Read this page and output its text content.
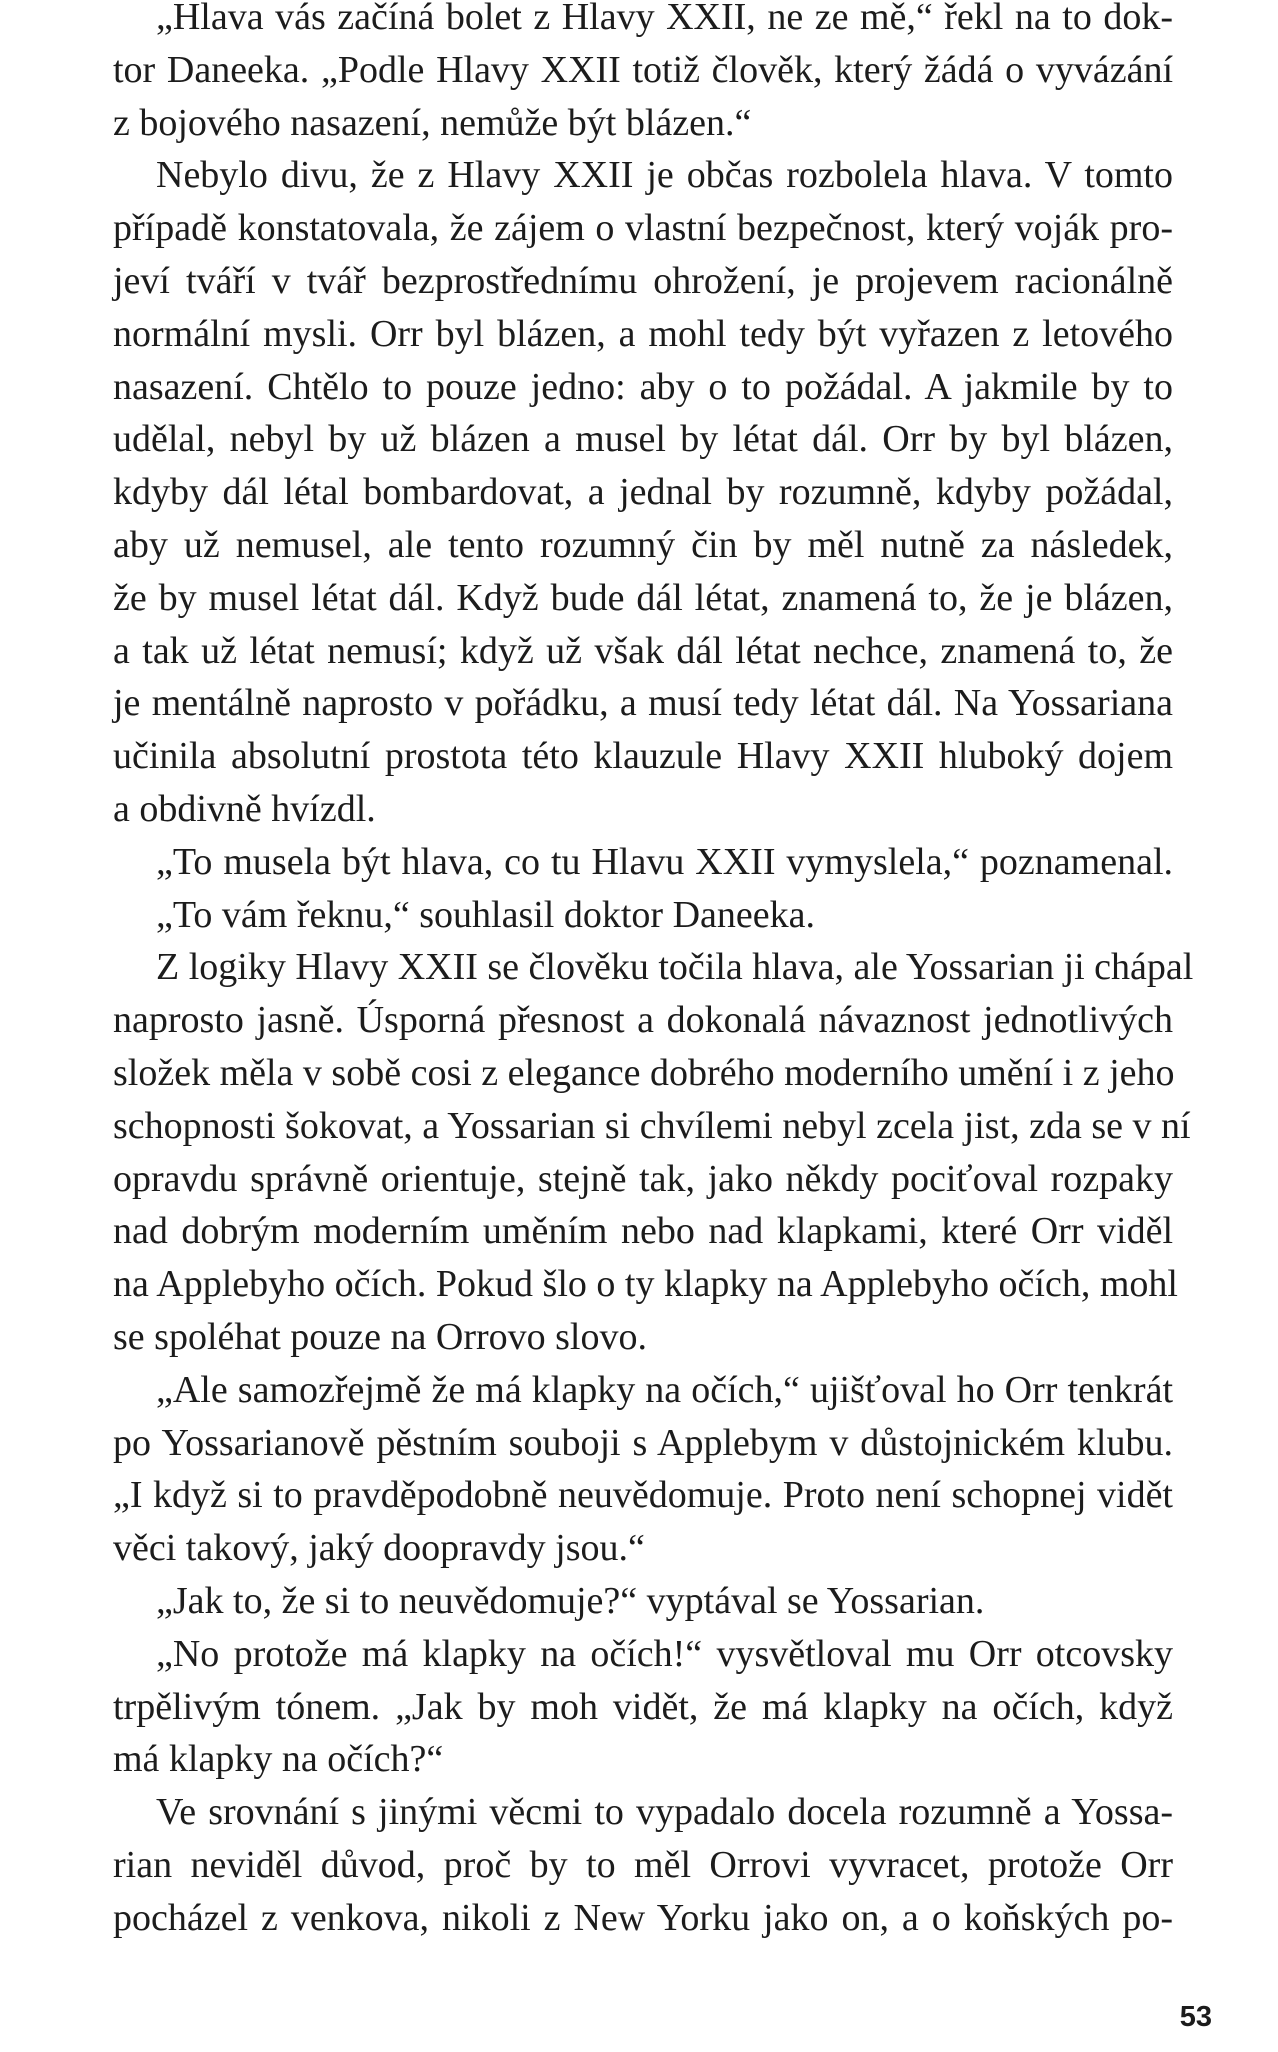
„Hlava vás začíná bolet z Hlavy XXII, ne ze mě,“ řekl na to dok-
tor Daneeka. „Podle Hlavy XXII totiž člověk, který žádá o vyvázání
z bojového nasazení, nemůže být blázen.“
Nebylo divu, že z Hlavy XXII je občas rozbolela hlava. V tomto
případě konstatovala, že zájem o vlastní bezpečnost, který voják pro-
jeví tváří v tvář bezprostřednímu ohrožení, je projevem racionálně
normální mysli. Orr byl blázen, a mohl tedy být vyřazen z letového
nasazení. Chtělo to pouze jedno: aby o to požádal. A jakmile by to
udělal, nebyl by už blázen a musel by létat dál. Orr by byl blázen,
kdyby dál létal bombardovat, a jednal by rozumně, kdyby požádal,
aby už nemusel, ale tento rozumný čin by měl nutně za následek,
že by musel létat dál. Když bude dál létat, znamená to, že je blázen,
a tak už létat nemusí; když už však dál létat nechce, znamená to, že
je mentálně naprosto v pořádku, a musí tedy létat dál. Na Yossariana
učinila absolutní prostota této klauzule Hlavy XXII hluboký dojem
a obdivně hvízdl.
„To musela být hlava, co tu Hlavu XXII vymyslela,“ poznamenal.
„To vám řeknu,“ souhlasil doktor Daneeka.
Z logiky Hlavy XXII se člověku točila hlava, ale Yossarian ji chápal
naprosto jasně. Úsporná přesnost a dokonalá návaznost jednotlivých
složek měla v sobě cosi z elegance dobrého moderního umění i z jeho
schopnosti šokovat, a Yossarian si chvílemi nebyl zcela jist, zda se v ní
opravdu správně orientuje, stejně tak, jako někdy pociťoval rozpaky
nad dobrým moderním uměním nebo nad klapkami, které Orr viděl
na Applebyho očích. Pokud šlo o ty klapky na Applebyho očích, mohl
se spoléhat pouze na Orrovo slovo.
„Ale samozřejmě že má klapky na očích,“ ujišťoval ho Orr tenkrát
po Yossarianově pěstním souboji s Applebym v důstojnickém klubu.
„I když si to pravděpodobně neuvědomuje. Proto není schopnej vidět
věci takový, jaký doopravdy jsou.“
„Jak to, že si to neuvědomuje?“ vyptával se Yossarian.
„No protože má klapky na očích!“ vysvětloval mu Orr otcovsky
trpělivým tónem. „Jak by moh vidět, že má klapky na očích, když
má klapky na očích?“
Ve srovnání s jinými věcmi to vypadalo docela rozumně a Yossa-
rian neviděl důvod, proč by to měl Orrovi vyvracet, protože Orr
pocházel z venkova, nikoli z New Yorku jako on, a o koňských po-
53
